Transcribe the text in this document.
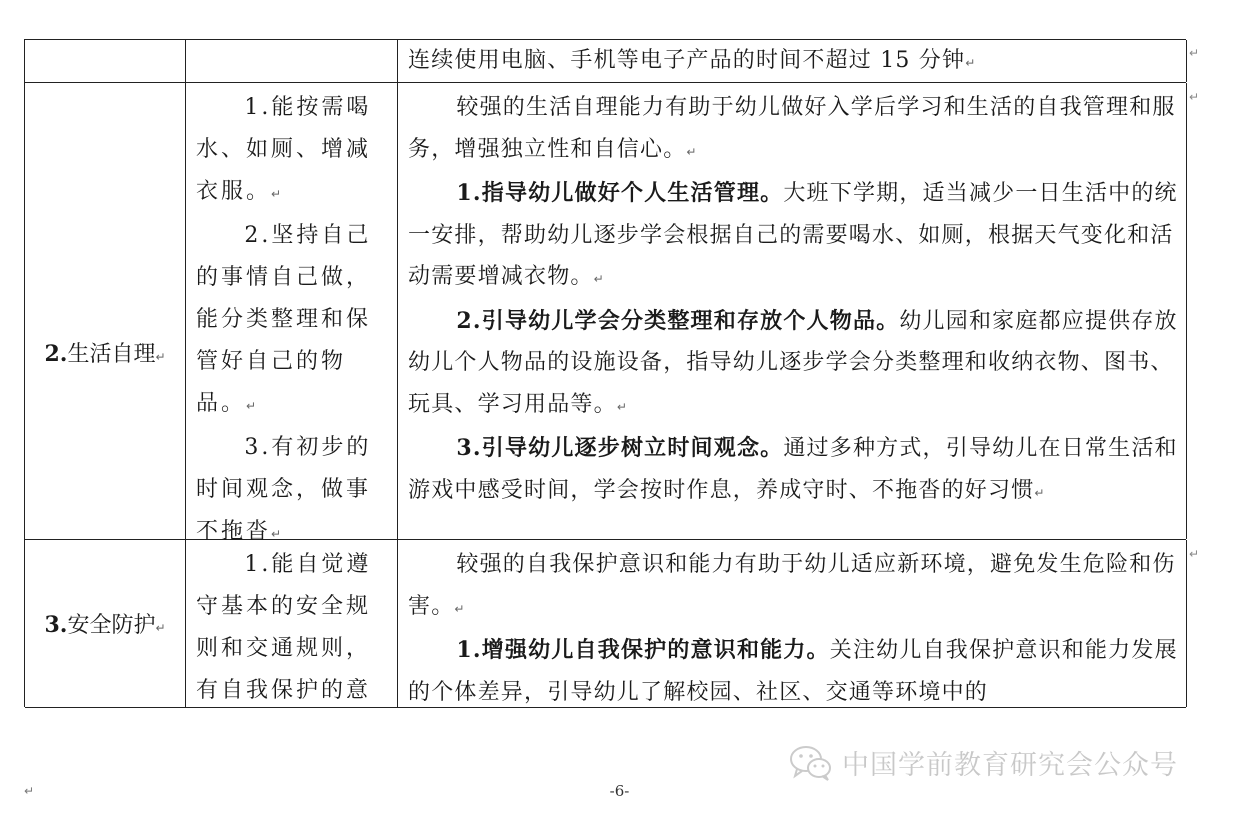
连续使用电脑、手机等电子产品的时间不超过 15 分钟↵

2.生活自理↵

1.能按需喝水、如厕、增减衣服。↵

2.坚持自己的事情自己做，能分类整理和保管好自己的物品。↵

3.有初步的时间观念，做事不拖沓↵

较强的生活自理能力有助于幼儿做好入学后学习和生活的自我管理和服务，增强独立性和自信心。↵

1.指导幼儿做好个人生活管理。大班下学期，适当减少一日生活中的统一安排，帮助幼儿逐步学会根据自己的需要喝水、如厕，根据天气变化和活动需要增减衣物。↵

2.引导幼儿学会分类整理和存放个人物品。幼儿园和家庭都应提供存放幼儿个人物品的设施设备，指导幼儿逐步学会分类整理和收纳衣物、图书、玩具、学习用品等。↵

3.引导幼儿逐步树立时间观念。通过多种方式，引导幼儿在日常生活和游戏中感受时间，学会按时作息，养成守时、不拖沓的好习惯↵

3.安全防护↵

1.能自觉遵守基本的安全规则和交通规则，有自我保护的意

较强的自我保护意识和能力有助于幼儿适应新环境，避免发生危险和伤害。↵

1.增强幼儿自我保护的意识和能力。关注幼儿自我保护意识和能力发展的个体差异，引导幼儿了解校园、社区、交通等环境中的

↵
↵
↵
中国学前教育研究会公众号
↵	-6-
